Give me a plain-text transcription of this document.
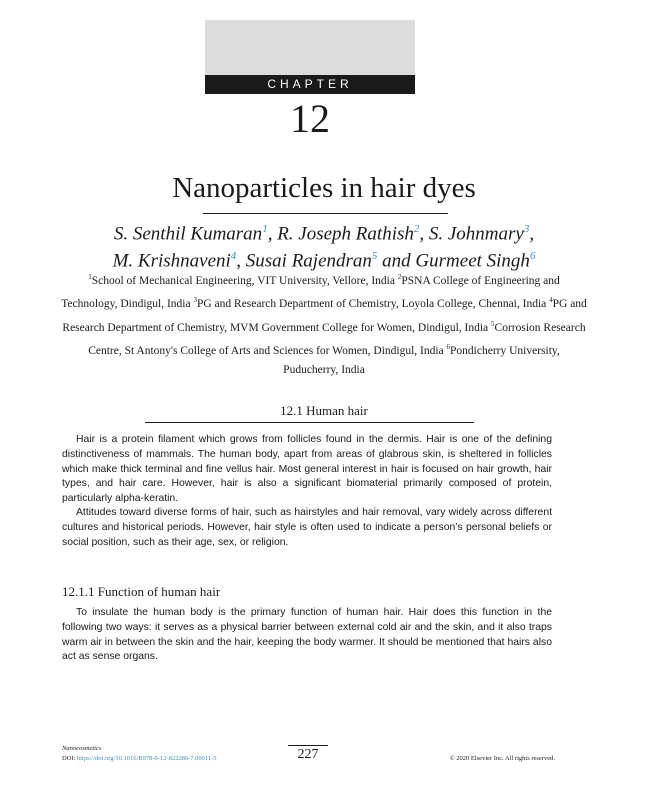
CHAPTER
12
Nanoparticles in hair dyes
S. Senthil Kumaran$^1$, R. Joseph Rathish$^2$, S. Johnmary$^3$,
M. Krishnaveni$^4$, Susai Rajendran$^5$ and Gurmeet Singh$^6$
$^1$School of Mechanical Engineering, VIT University, Vellore, India $^2$PSNA College of Engineering and Technology, Dindigul, India $^3$PG and Research Department of Chemistry, Loyola College, Chennai, India $^4$PG and Research Department of Chemistry, MVM Government College for Women, Dindigul, India $^5$Corrosion Research Centre, St Antony's College of Arts and Sciences for Women, Dindigul, India $^6$Pondicherry University, Puducherry, India
12.1 Human hair
Hair is a protein filament which grows from follicles found in the dermis. Hair is one of the defining distinctiveness of mammals. The human body, apart from areas of glabrous skin, is sheltered in follicles which make thick terminal and fine vellus hair. Most general interest in hair is focused on hair growth, hair types, and hair care. However, hair is also a significant biomaterial primarily composed of protein, particularly alpha-keratin.
Attitudes toward diverse forms of hair, such as hairstyles and hair removal, vary widely across different cultures and historical periods. However, hair style is often used to indicate a person’s personal beliefs or social position, such as their age, sex, or religion.
12.1.1 Function of human hair
To insulate the human body is the primary function of human hair. Hair does this function in the following two ways: it serves as a physical barrier between external cold air and the skin, and it also traps warm air in between the skin and the hair, keeping the body warmer. It should be mentioned that hairs also act as sense organs.
Nanocosmetics
DOI: https://doi.org/10.1016/B978-0-12-822286-7.00011-5	227	© 2020 Elsevier Inc. All rights reserved.
